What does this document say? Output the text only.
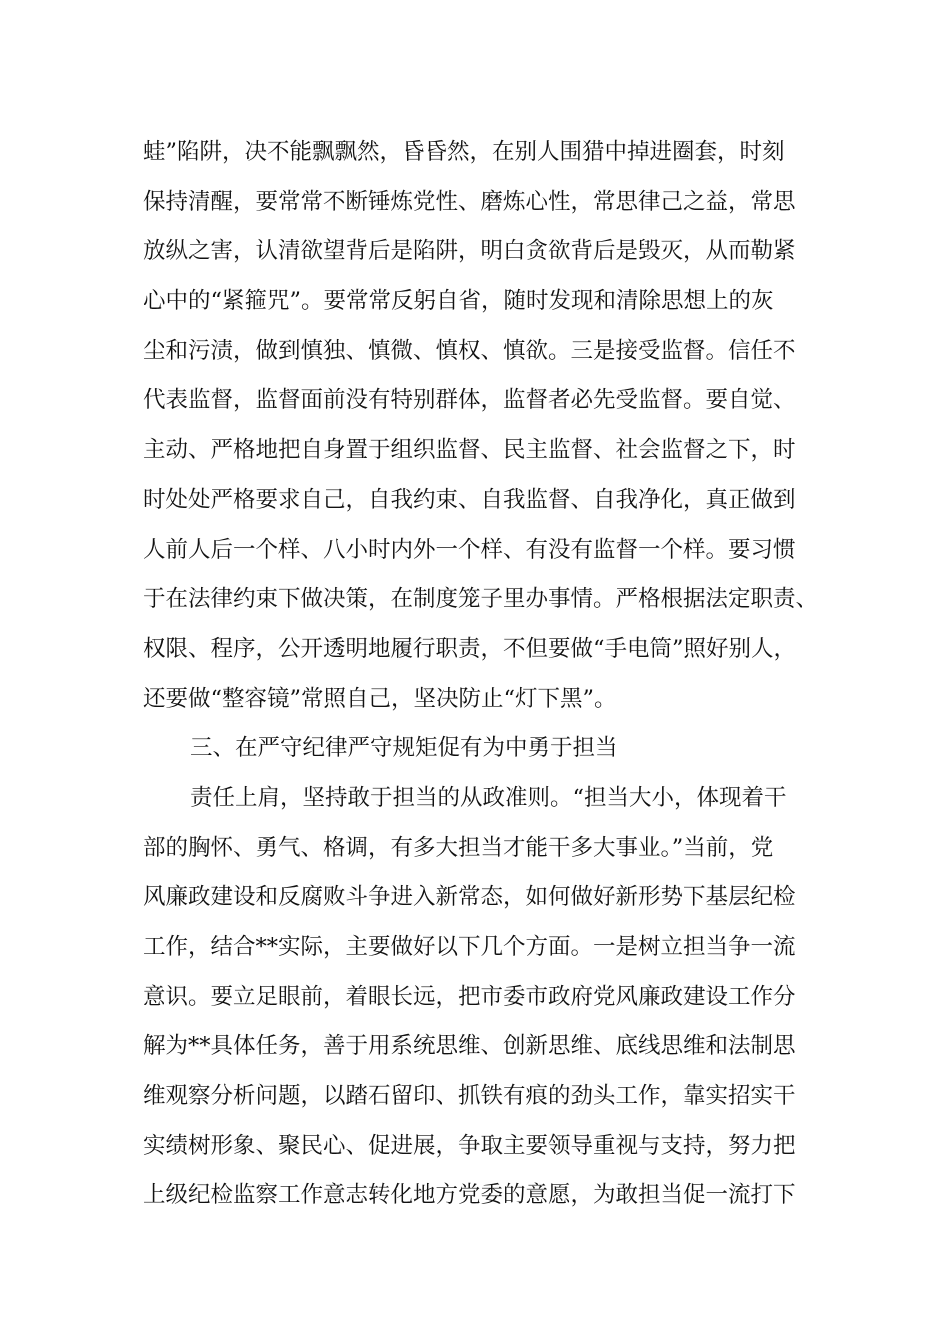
蛙”陷阱，决不能飘飘然，昏昏然，在别人围猎中掉进圈套，时刻
保持清醒，要常常不断锤炼党性、磨炼心性，常思律己之益，常思
放纵之害，认清欲望背后是陷阱，明白贪欲背后是毁灭，从而勒紧
心中的“紧箍咒”。要常常反躬自省，随时发现和清除思想上的灰
尘和污渍，做到慎独、慎微、慎权、慎欲。三是接受监督。信任不
代表监督，监督面前没有特别群体，监督者必先受监督。要自觉、
主动、严格地把自身置于组织监督、民主监督、社会监督之下，时
时处处严格要求自己，自我约束、自我监督、自我净化，真正做到
人前人后一个样、八小时内外一个样、有没有监督一个样。要习惯
于在法律约束下做决策，在制度笼子里办事情。严格根据法定职责、
权限、程序，公开透明地履行职责，不但要做“手电筒”照好别人，
还要做“整容镜”常照自己，坚决防止“灯下黑”。
三、在严守纪律严守规矩促有为中勇于担当
责任上肩，坚持敢于担当的从政准则。“担当大小，体现着干
部的胸怀、勇气、格调，有多大担当才能干多大事业。”当前，党
风廉政建设和反腐败斗争进入新常态，如何做好新形势下基层纪检
工作，结合**实际，主要做好以下几个方面。一是树立担当争一流
意识。要立足眼前，着眼长远，把市委市政府党风廉政建设工作分
解为**具体任务，善于用系统思维、创新思维、底线思维和法制思
维观察分析问题，以踏石留印、抓铁有痕的劲头工作，靠实招实干
实绩树形象、聚民心、促进展，争取主要领导重视与支持，努力把
上级纪检监察工作意志转化地方党委的意愿，为敢担当促一流打下
